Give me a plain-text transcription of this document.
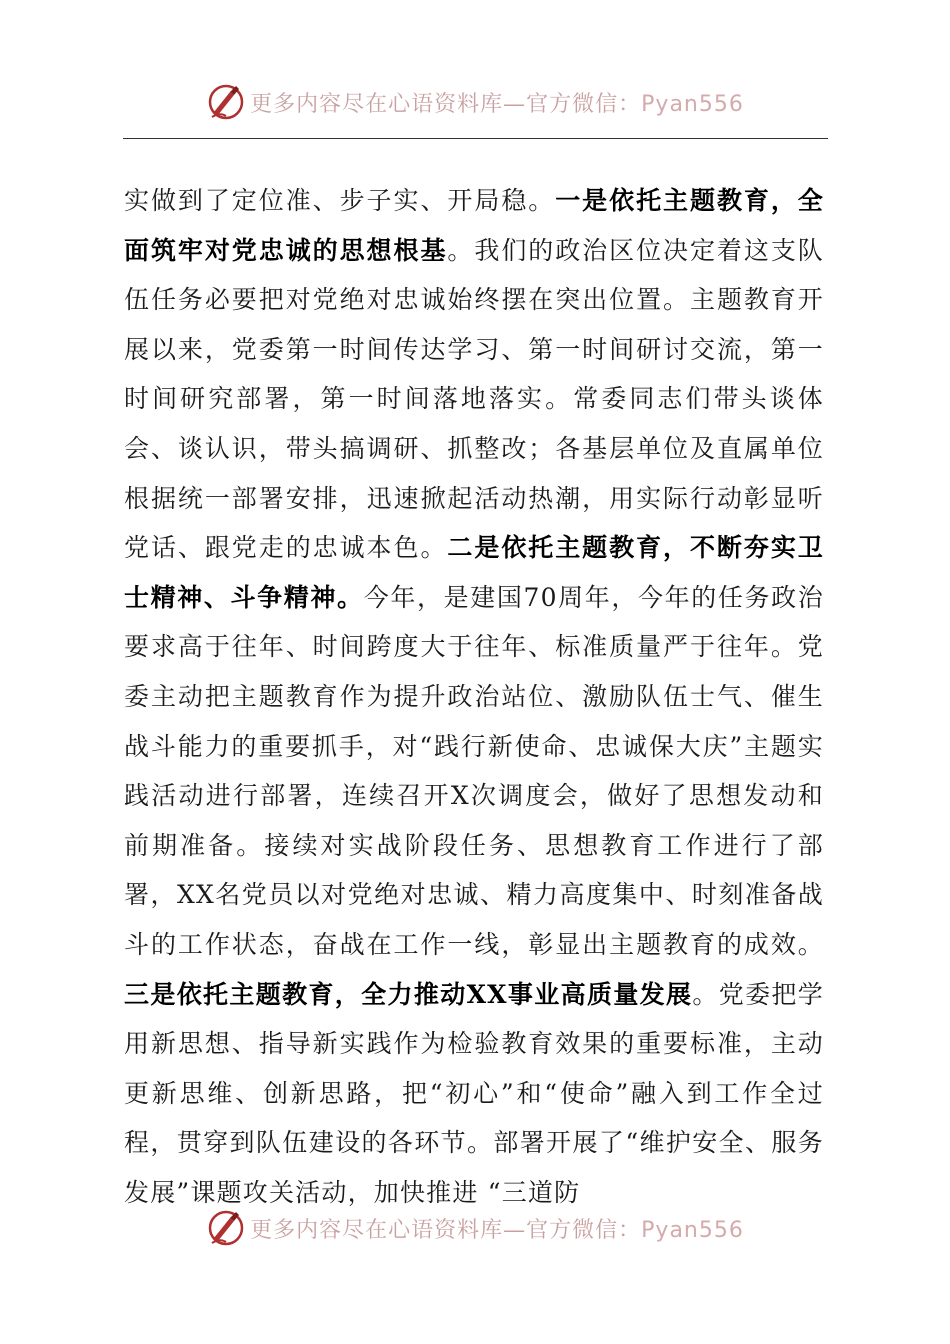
更多内容尽在心语资料库—官方微信：Pyan556

实做到了定位准、步子实、开局稳。一是依托主题教育，全面筑牢对党忠诚的思想根基。我们的政治区位决定着这支队伍任务必要把对党绝对忠诚始终摆在突出位置。主题教育开展以来，党委第一时间传达学习、第一时间研讨交流，第一时间研究部署，第一时间落地落实。常委同志们带头谈体会、谈认识，带头搞调研、抓整改；各基层单位及直属单位根据统一部署安排，迅速掀起活动热潮，用实际行动彰显听党话、跟党走的忠诚本色。二是依托主题教育，不断夯实卫士精神、斗争精神。今年，是建国70周年，今年的任务政治要求高于往年、时间跨度大于往年、标准质量严于往年。党委主动把主题教育作为提升政治站位、激励队伍士气、催生战斗能力的重要抓手，对“践行新使命、忠诚保大庆”主题实践活动进行部署，连续召开X次调度会，做好了思想发动和前期准备。接续对实战阶段任务、思想教育工作进行了部署，XX名党员以对党绝对忠诚、精力高度集中、时刻准备战斗的工作状态，奋战在工作一线，彰显出主题教育的成效。三是依托主题教育，全力推动XX事业高质量发展。党委把学用新思想、指导新实践作为检验教育效果的重要标准，主动更新思维、创新思路，把“初心”和“使命”融入到工作全过程，贯穿到队伍建设的各环节。部署开展了“维护安全、服务发展”课题攻关活动，加快推进 “三道防

更多内容尽在心语资料库—官方微信：Pyan556
